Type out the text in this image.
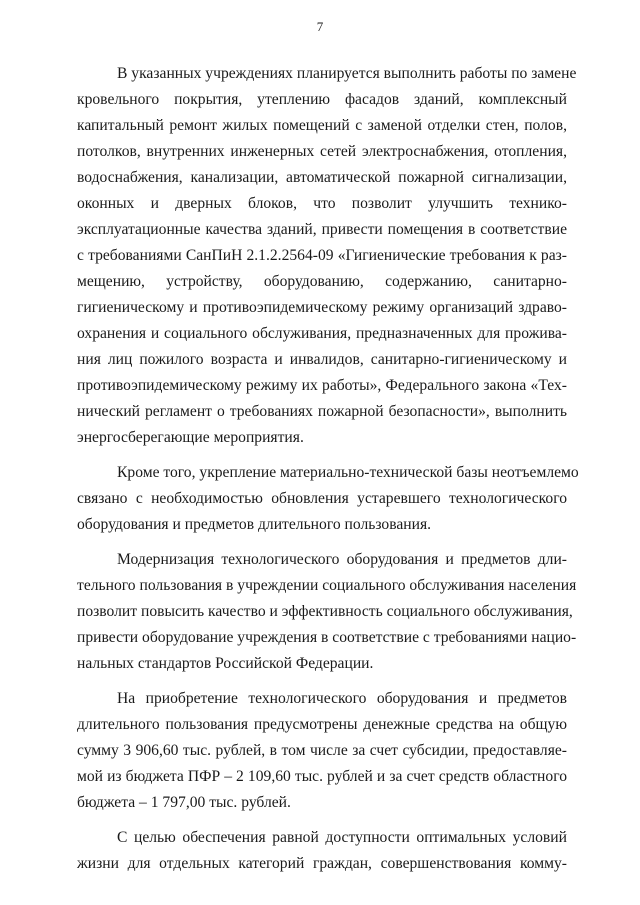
7
В указанных учреждениях планируется выполнить работы по замене
кровельного покрытия, утеплению фасадов зданий, комплексный
капитальный ремонт жилых помещений с заменой отделки стен, полов,
потолков, внутренних инженерных сетей электроснабжения, отопления,
водоснабжения, канализации, автоматической пожарной сигнализации,
оконных и дверных блоков, что позволит улучшить технико-
эксплуатационные качества зданий, привести помещения в соответствие
с требованиями СанПиН 2.1.2.2564-09 «Гигиенические требования к раз-
мещению, устройству, оборудованию, содержанию, санитарно-
гигиеническому и противоэпидемическому режиму организаций здраво-
охранения и социального обслуживания, предназначенных для прожива-
ния лиц пожилого возраста и инвалидов, санитарно-гигиеническому и
противоэпидемическому режиму их работы», Федерального закона «Тех-
нический регламент о требованиях пожарной безопасности», выполнить
энергосберегающие мероприятия.
Кроме того, укрепление материально-технической базы неотъемлемо
связано с необходимостью обновления устаревшего технологического
оборудования и предметов длительного пользования.
Модернизация технологического оборудования и предметов дли-
тельного пользования в учреждении социального обслуживания населения
позволит повысить качество и эффективность социального обслуживания,
привести оборудование учреждения в соответствие с требованиями нацио-
нальных стандартов Российской Федерации.
На приобретение технологического оборудования и предметов
длительного пользования предусмотрены денежные средства на общую
сумму 3 906,60 тыс. рублей, в том числе за счет субсидии, предоставляе-
мой из бюджета ПФР – 2 109,60 тыс. рублей и за счет средств областного
бюджета – 1 797,00 тыс. рублей.
С целью обеспечения равной доступности оптимальных условий
жизни для отдельных категорий граждан, совершенствования комму-
